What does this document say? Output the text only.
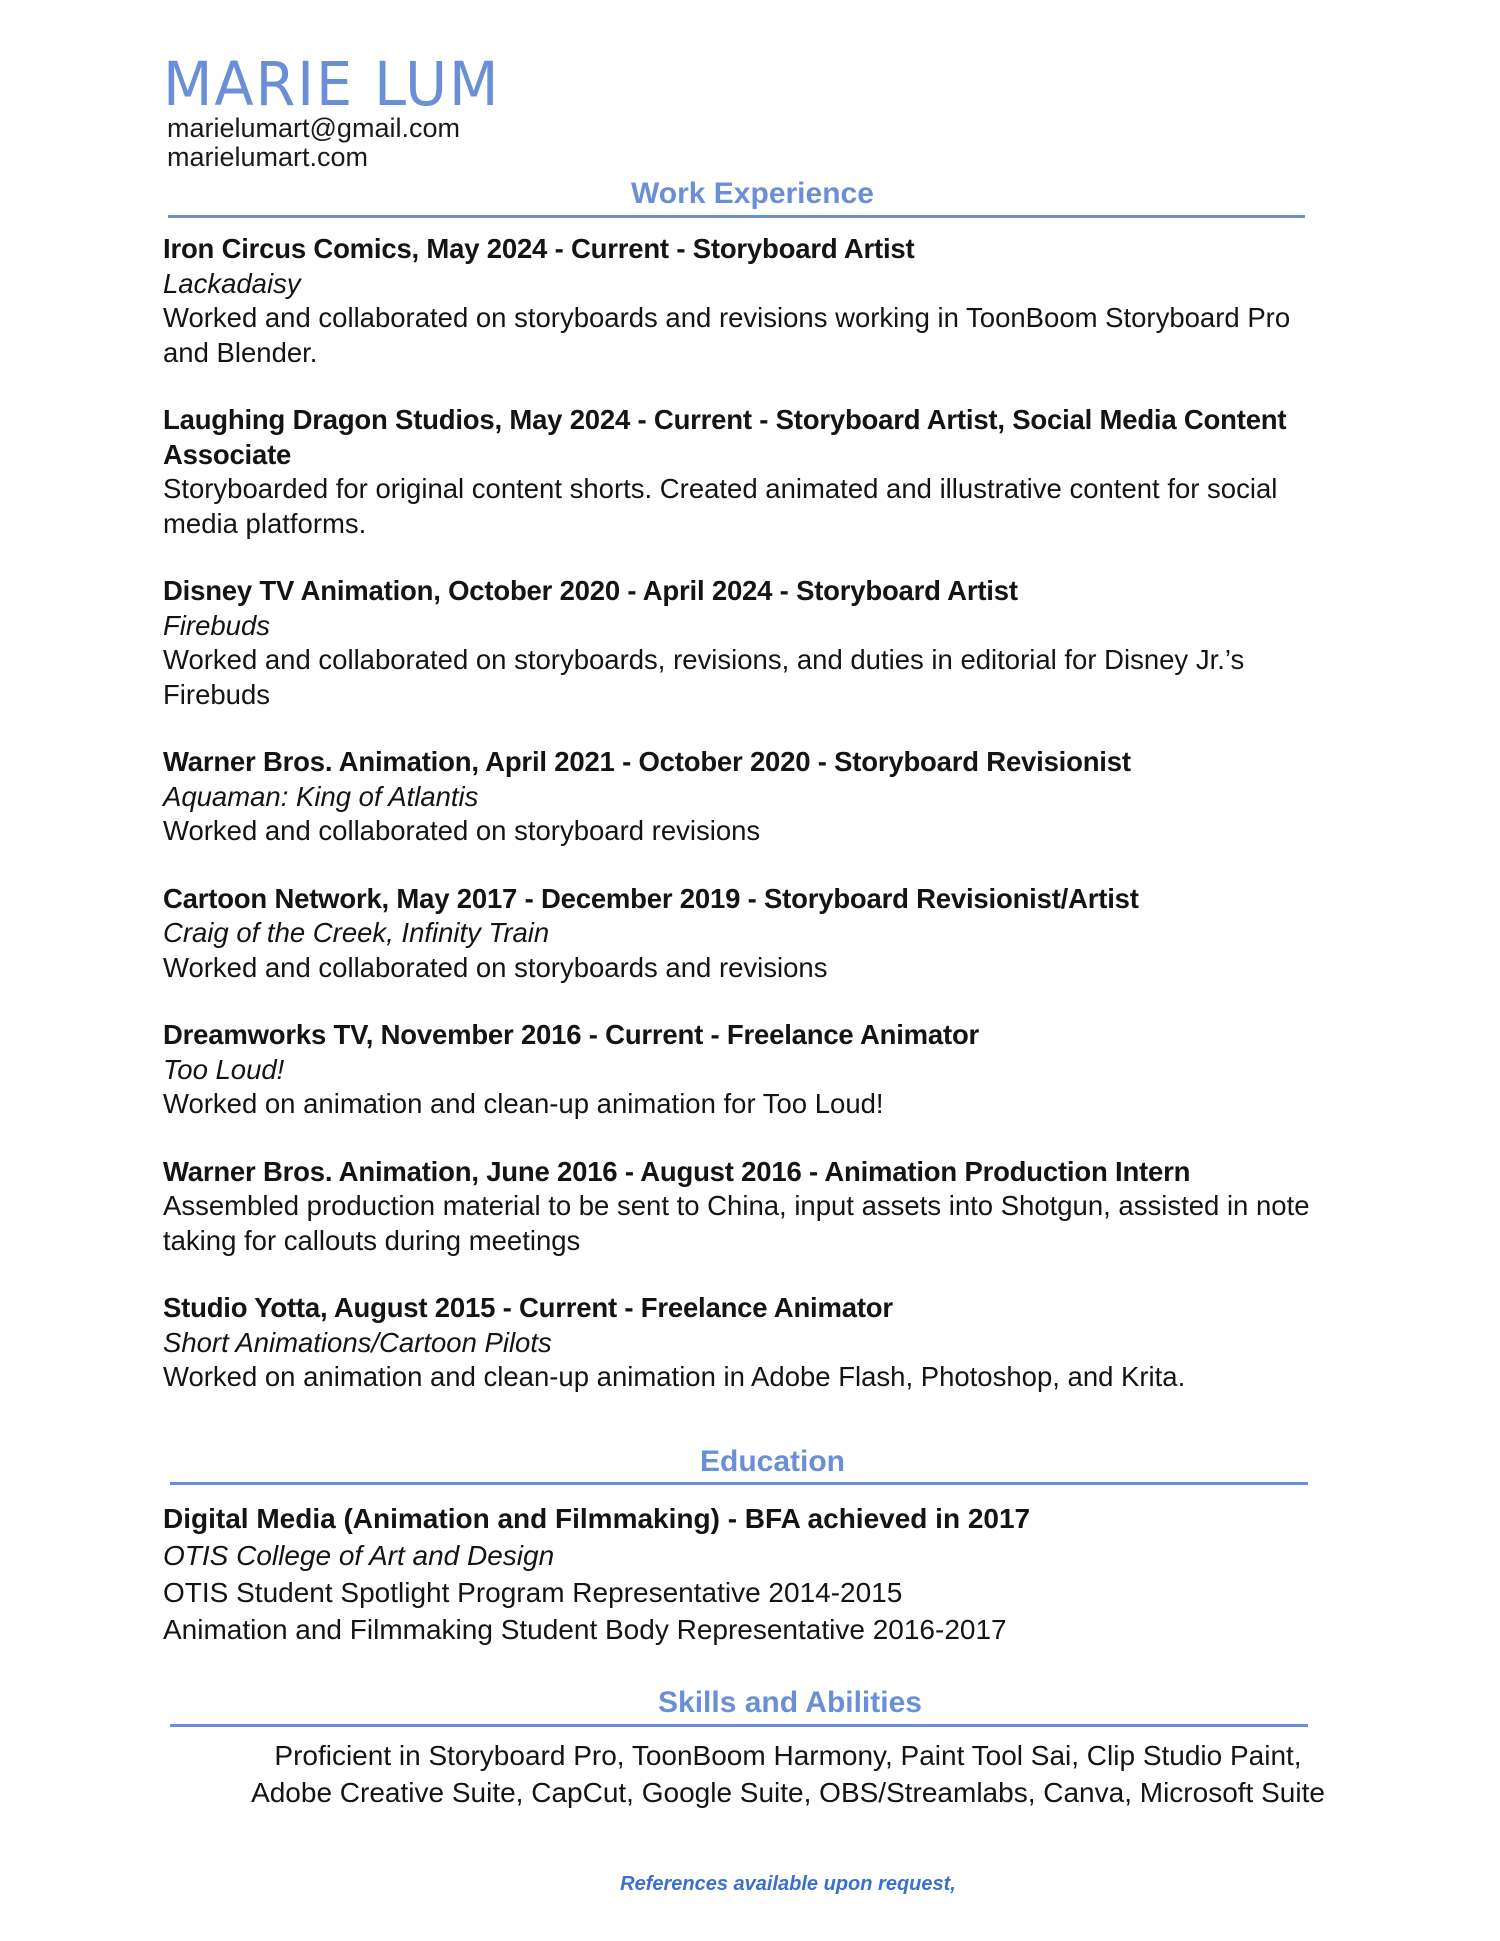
MARIE LUM
marielumart@gmail.com
marielumart.com
Work Experience
Iron Circus Comics, May 2024 - Current - Storyboard Artist
Lackadaisy
Worked and collaborated on storyboards and revisions working in ToonBoom Storyboard Pro and Blender.
Laughing Dragon Studios, May 2024 - Current - Storyboard Artist, Social Media Content Associate
Storyboarded for original content shorts. Created animated and illustrative content for social media platforms.
Disney TV Animation, October 2020 - April 2024 - Storyboard Artist
Firebuds
Worked and collaborated on storyboards, revisions, and duties in editorial for Disney Jr.’s Firebuds
Warner Bros. Animation, April 2021 - October 2020 - Storyboard Revisionist
Aquaman: King of Atlantis
Worked and collaborated on storyboard revisions
Cartoon Network, May 2017 - December 2019 - Storyboard Revisionist/Artist
Craig of the Creek, Infinity Train
Worked and collaborated on storyboards and revisions
Dreamworks TV, November 2016 - Current - Freelance Animator
Too Loud!
Worked on animation and clean-up animation for Too Loud!
Warner Bros. Animation, June 2016 - August 2016 - Animation Production Intern
Assembled production material to be sent to China, input assets into Shotgun, assisted in note taking for callouts during meetings
Studio Yotta, August 2015 - Current - Freelance Animator
Short Animations/Cartoon Pilots
Worked on animation and clean-up animation in Adobe Flash, Photoshop, and Krita.
Education
Digital Media (Animation and Filmmaking) - BFA achieved in 2017
OTIS College of Art and Design
OTIS Student Spotlight Program Representative 2014-2015
Animation and Filmmaking Student Body Representative 2016-2017
Skills and Abilities
Proficient in Storyboard Pro, ToonBoom Harmony, Paint Tool Sai, Clip Studio Paint,
Adobe Creative Suite, CapCut, Google Suite, OBS/Streamlabs, Canva, Microsoft Suite
References available upon request,
